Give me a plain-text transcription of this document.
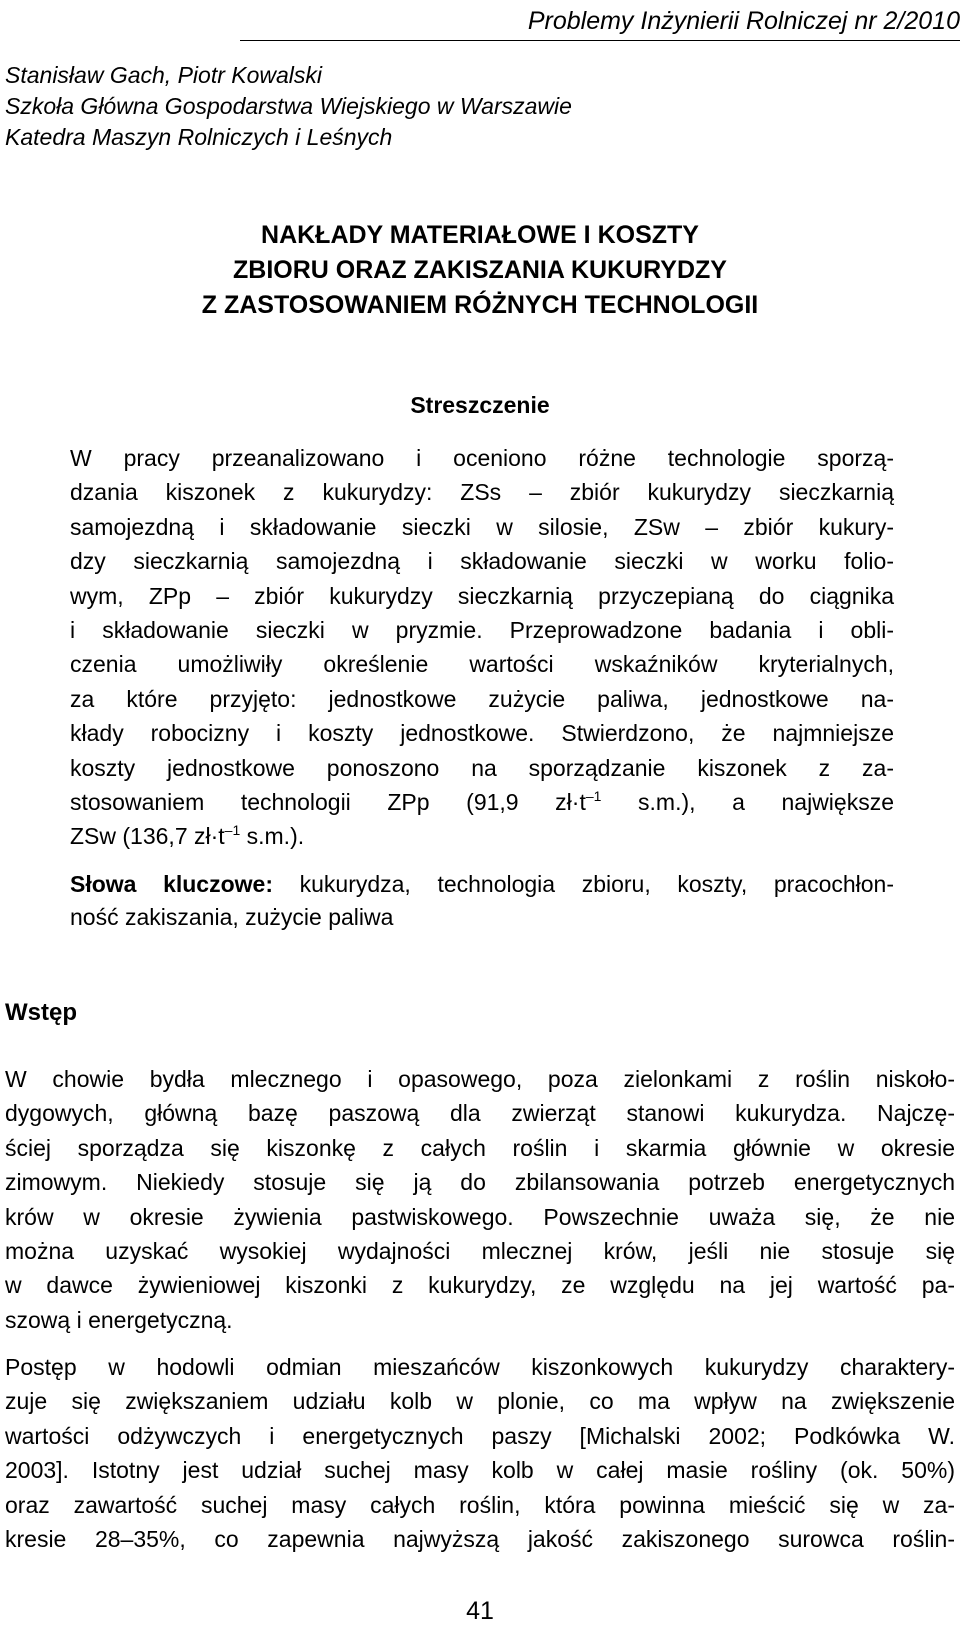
Problemy Inżynierii Rolniczej nr 2/2010
Stanisław Gach, Piotr Kowalski
Szkoła Główna Gospodarstwa Wiejskiego w Warszawie
Katedra Maszyn Rolniczych i Leśnych
NAKŁADY MATERIAŁOWE I KOSZTY
ZBIORU ORAZ ZAKISZANIA KUKURYDZY
Z ZASTOSOWANIEM RÓŻNYCH TECHNOLOGII
Streszczenie
W pracy przeanalizowano i oceniono różne technologie sporzą-
dzania kiszonek z kukurydzy: ZSs – zbiór kukurydzy sieczkarnią
samojezdną i składowanie sieczki w silosie, ZSw – zbiór kukury-
dzy sieczkarnią samojezdną i składowanie sieczki w worku folio-
wym, ZPp – zbiór kukurydzy sieczkarnią przyczepianą do ciągnika
i składowanie sieczki w pryzmie. Przeprowadzone badania i obli-
czenia umożliwiły określenie wartości wskaźników kryterialnych,
za które przyjęto: jednostkowe zużycie paliwa, jednostkowe na-
kłady robocizny i koszty jednostkowe. Stwierdzono, że najmniejsze
koszty jednostkowe ponoszono na sporządzanie kiszonek z za-
stosowaniem technologii ZPp (91,9 $zł\cdot t^{-1}$ s.m.), a największe
ZSw (136,7 $zł\cdot t^{-1}$ s.m.).
Słowa kluczowe: kukurydza, technologia zbioru, koszty, pracochłon-
ność zakiszania, zużycie paliwa
Wstęp
W chowie bydła mlecznego i opasowego, poza zielonkami z roślin niskoło-
dygowych, główną bazę paszową dla zwierząt stanowi kukurydza. Najczę-
ściej sporządza się kiszonkę z całych roślin i skarmia głównie w okresie
zimowym. Niekiedy stosuje się ją do zbilansowania potrzeb energetycznych
krów w okresie żywienia pastwiskowego. Powszechnie uważa się, że nie
można uzyskać wysokiej wydajności mlecznej krów, jeśli nie stosuje się
w dawce żywieniowej kiszonki z kukurydzy, ze względu na jej wartość pa-
szową i energetyczną.
Postęp w hodowli odmian mieszańców kiszonkowych kukurydzy charaktery-
zuje się zwiększaniem udziału kolb w plonie, co ma wpływ na zwiększenie
wartości odżywczych i energetycznych paszy [Michalski 2002; Podkówka W.
2003]. Istotny jest udział suchej masy kolb w całej masie rośliny (ok. 50%)
oraz zawartość suchej masy całych roślin, która powinna mieścić się w za-
kresie 28–35%, co zapewnia najwyższą jakość zakiszonego surowca roślin-
41
